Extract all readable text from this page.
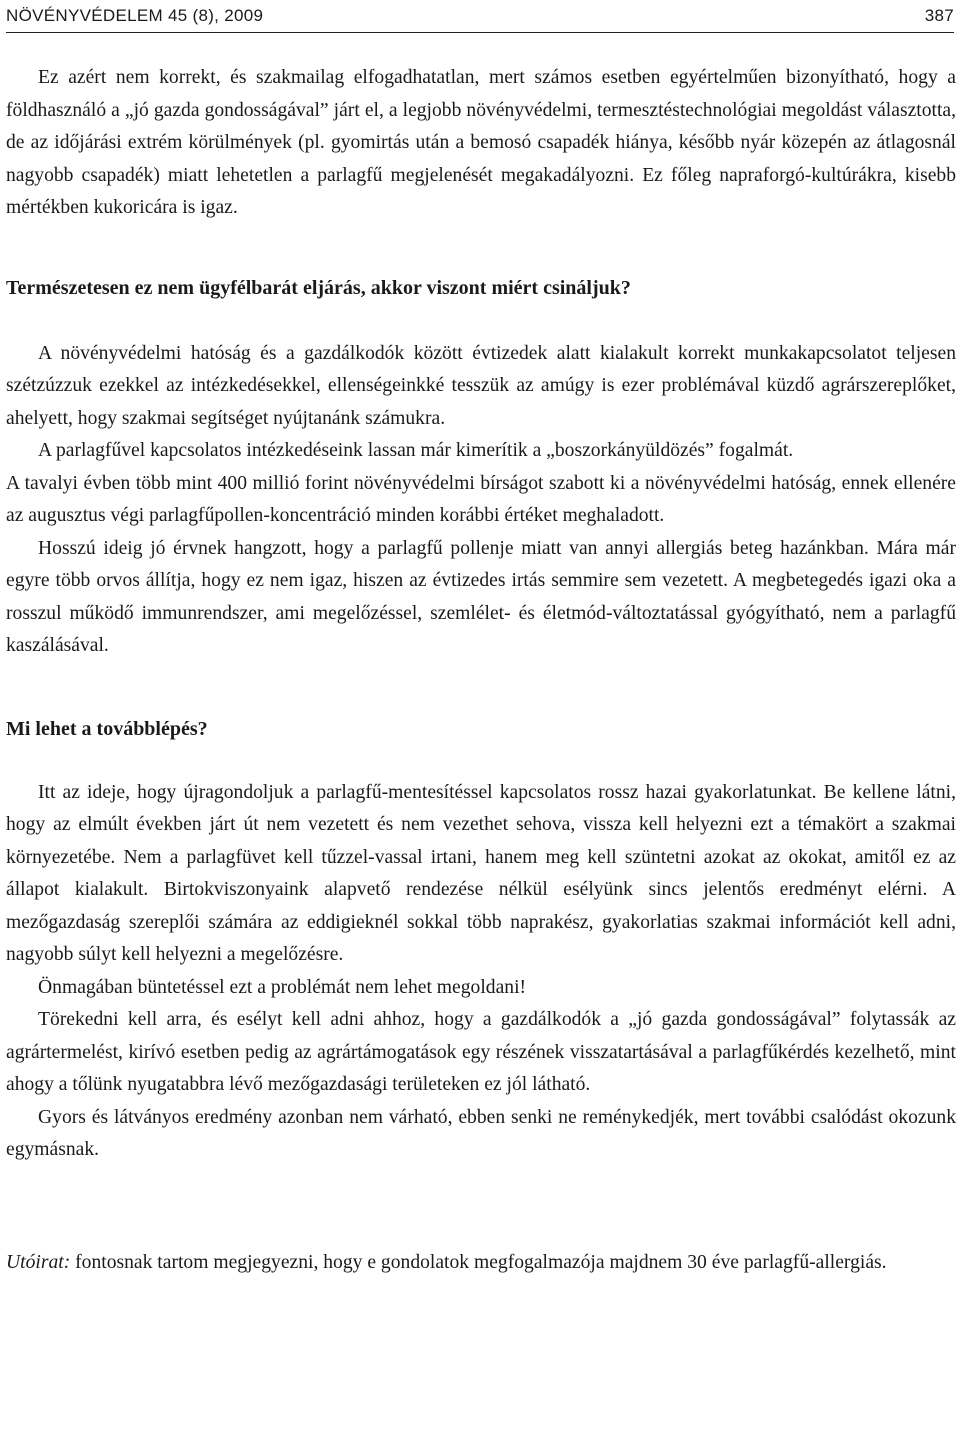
NÖVÉNYVÉDELEM 45 (8), 2009	387

Ez azért nem korrekt, és szakmailag elfogadhatatlan, mert számos esetben egyértelműen bizonyítható, hogy a földhasználó a „jó gazda gondosságával” járt el, a legjobb növényvédelmi, termesztéstechnológiai megoldást választotta, de az időjárási extrém körülmények (pl. gyomirtás után a bemosó csapadék hiánya, később nyár közepén az átlagosnál nagyobb csapadék) miatt lehetetlen a parlagfű megjelenését megakadályozni. Ez főleg napraforgó-kultúrákra, kisebb mértékben kukoricára is igaz.

Természetesen ez nem ügyfélbarát eljárás, akkor viszont miért csináljuk?

A növényvédelmi hatóság és a gazdálkodók között évtizedek alatt kialakult korrekt munkakapcsolatot teljesen szétzúzzuk ezekkel az intézkedésekkel, ellenségeinkké tesszük az amúgy is ezer problémával küzdő agrárszereplőket, ahelyett, hogy szakmai segítséget nyújtanánk számukra.

A parlagfűvel kapcsolatos intézkedéseink lassan már kimerítik a „boszorkányüldözés” fogalmát.

A tavalyi évben több mint 400 millió forint növényvédelmi bírságot szabott ki a növényvédelmi hatóság, ennek ellenére az augusztus végi parlagfűpollen-koncentráció minden korábbi értéket meghaladott.

Hosszú ideig jó érvnek hangzott, hogy a parlagfű pollenje miatt van annyi allergiás beteg hazánkban. Mára már egyre több orvos állítja, hogy ez nem igaz, hiszen az évtizedes irtás semmire sem vezetett. A megbetegedés igazi oka a rosszul működő immunrendszer, ami megelőzéssel, szemlélet- és életmód-változtatással gyógyítható, nem a parlagfű kaszálásával.

Mi lehet a továbblépés?

Itt az ideje, hogy újragondoljuk a parlagfű-mentesítéssel kapcsolatos rossz hazai gyakorlatunkat. Be kellene látni, hogy az elmúlt években járt út nem vezetett és nem vezethet sehova, vissza kell helyezni ezt a témakört a szakmai környezetébe. Nem a parlagfüvet kell tűzzel-vassal irtani, hanem meg kell szüntetni azokat az okokat, amitől ez az állapot kialakult. Birtokviszonyaink alapvető rendezése nélkül esélyünk sincs jelentős eredményt elérni. A mezőgazdaság szereplői számára az eddigieknél sokkal több naprakész, gyakorlatias szakmai információt kell adni, nagyobb súlyt kell helyezni a megelőzésre.

Önmagában büntetéssel ezt a problémát nem lehet megoldani!

Törekedni kell arra, és esélyt kell adni ahhoz, hogy a gazdálkodók a „jó gazda gondosságával” folytassák az agrártermelést, kirívó esetben pedig az agrártámogatások egy részének visszatartásával a parlagfűkérdés kezelhető, mint ahogy a tőlünk nyugatabbra lévő mezőgazdasági területeken ez jól látható.

Gyors és látványos eredmény azonban nem várható, ebben senki ne reménykedjék, mert további csalódást okozunk egymásnak.

Utóirat: fontosnak tartom megjegyezni, hogy e gondolatok megfogalmazója majdnem 30 éve parlagfű-allergiás.
